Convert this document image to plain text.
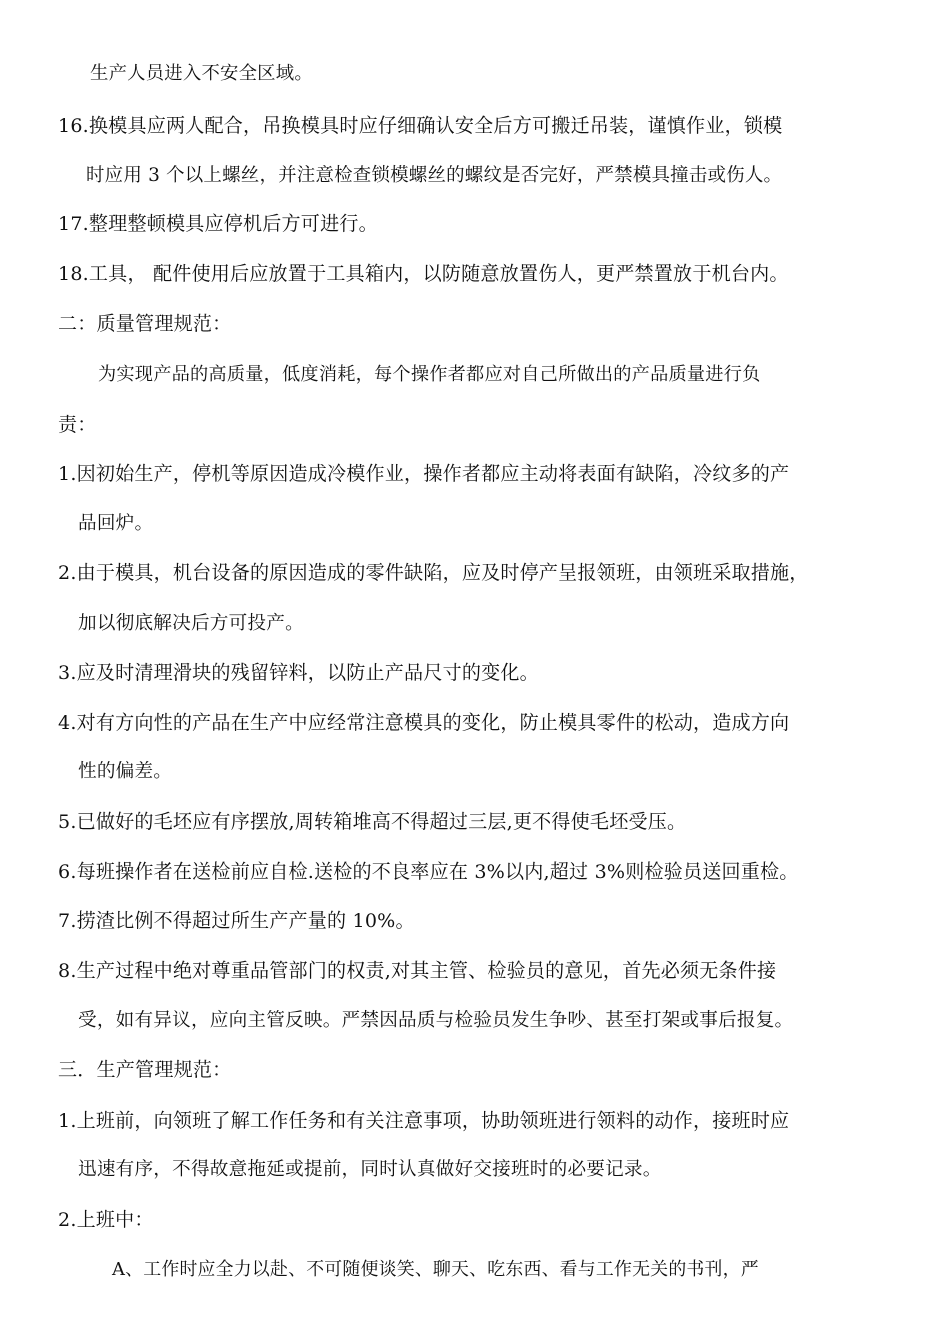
生产人员进入不安全区域。
16.换模具应两人配合，吊换模具时应仔细确认安全后方可搬迁吊装，谨慎作业，锁模
时应用 3 个以上螺丝，并注意检查锁模螺丝的螺纹是否完好，严禁模具撞击或伤人。
17.整理整顿模具应停机后方可进行。
18.工具， 配件使用后应放置于工具箱内，以防随意放置伤人，更严禁置放于机台内。
二：质量管理规范：
为实现产品的高质量，低度消耗，每个操作者都应对自己所做出的产品质量进行负
责：
1.因初始生产，停机等原因造成冷模作业，操作者都应主动将表面有缺陷，冷纹多的产
品回炉。
2.由于模具，机台设备的原因造成的零件缺陷，应及时停产呈报领班，由领班采取措施，
加以彻底解决后方可投产。
3.应及时清理滑块的残留锌料，以防止产品尺寸的变化。
4.对有方向性的产品在生产中应经常注意模具的变化，防止模具零件的松动，造成方向
性的偏差。
5.已做好的毛坯应有序摆放,周转箱堆高不得超过三层,更不得使毛坯受压。
6.每班操作者在送检前应自检.送检的不良率应在 3%以内,超过 3%则检验员送回重检。
7.捞渣比例不得超过所生产产量的 10%。
8.生产过程中绝对尊重品管部门的权责,对其主管、检验员的意见，首先必须无条件接
受，如有异议，应向主管反映。严禁因品质与检验员发生争吵、甚至打架或事后报复。
三．生产管理规范：
1.上班前，向领班了解工作任务和有关注意事项，协助领班进行领料的动作，接班时应
迅速有序，不得故意拖延或提前，同时认真做好交接班时的必要记录。
2.上班中：
A、工作时应全力以赴、不可随便谈笑、聊天、吃东西、看与工作无关的书刊，严
